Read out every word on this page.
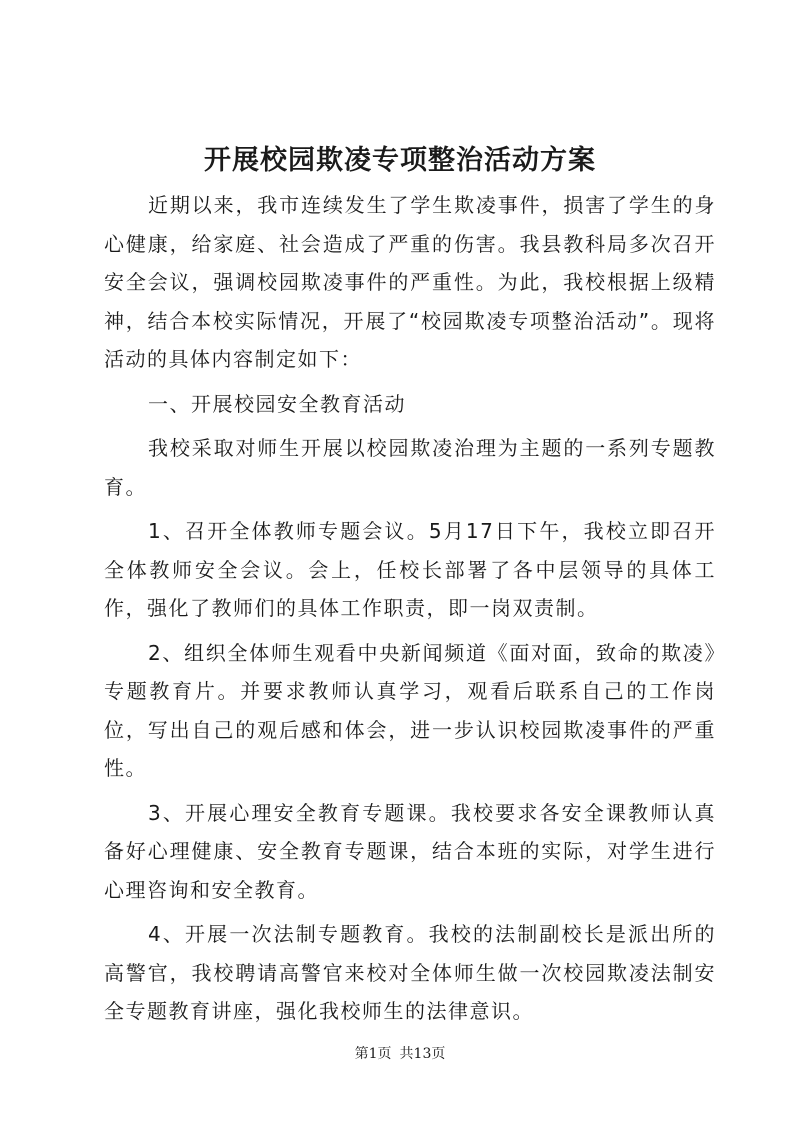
开展校园欺凌专项整治活动方案

近期以来，我市连续发生了学生欺凌事件，损害了学生的身心健康，给家庭、社会造成了严重的伤害。我县教科局多次召开安全会议，强调校园欺凌事件的严重性。为此，我校根据上级精神，结合本校实际情况，开展了“校园欺凌专项整治活动”。现将活动的具体内容制定如下：

一、开展校园安全教育活动

我校采取对师生开展以校园欺凌治理为主题的一系列专题教育。

1、召开全体教师专题会议。5月17日下午，我校立即召开全体教师安全会议。会上，任校长部署了各中层领导的具体工作，强化了教师们的具体工作职责，即一岗双责制。

2、组织全体师生观看中央新闻频道《面对面，致命的欺凌》专题教育片。并要求教师认真学习，观看后联系自己的工作岗位，写出自己的观后感和体会，进一步认识校园欺凌事件的严重性。

3、开展心理安全教育专题课。我校要求各安全课教师认真备好心理健康、安全教育专题课，结合本班的实际，对学生进行心理咨询和安全教育。

4、开展一次法制专题教育。我校的法制副校长是派出所的高警官，我校聘请高警官来校对全体师生做一次校园欺凌法制安全专题教育讲座，强化我校师生的法律意识。

第1页 共13页
